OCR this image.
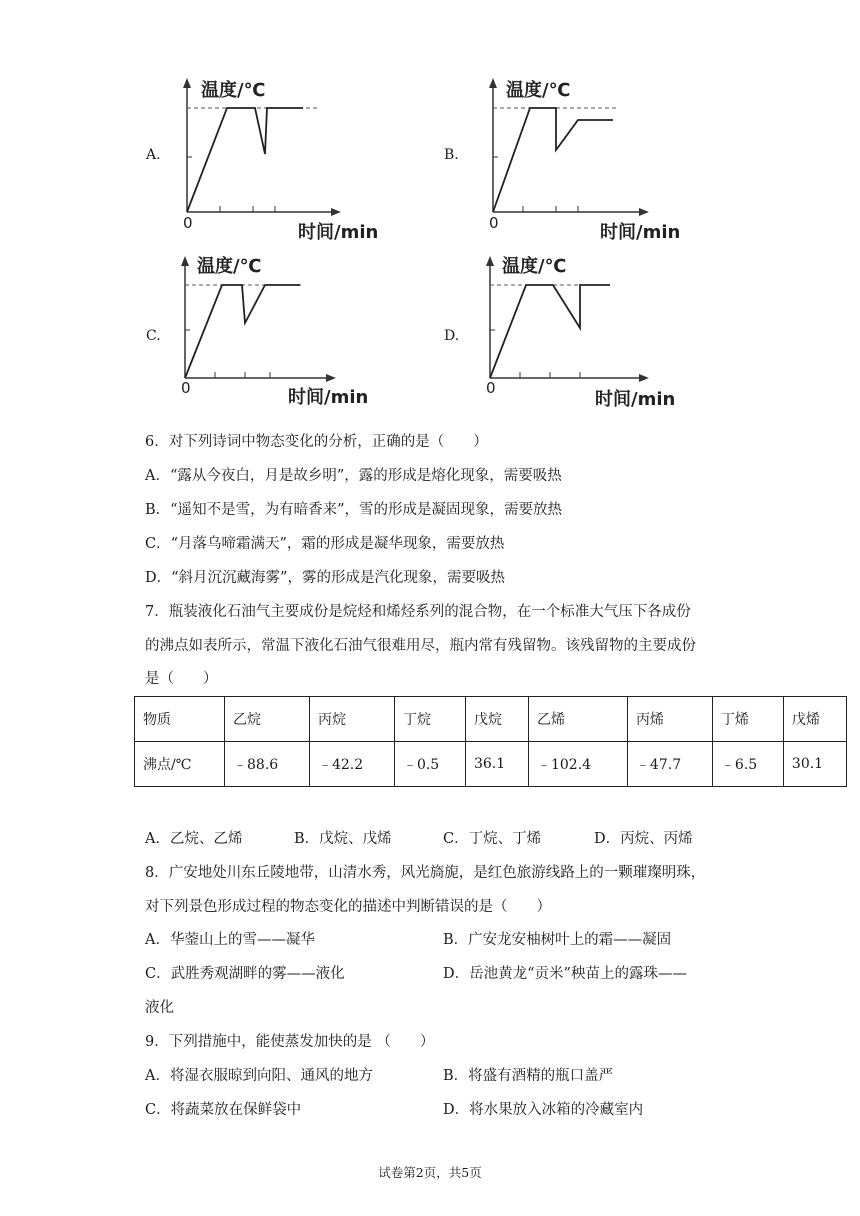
A.	B.
C.	D.
温度/℃
0	时间/min
温度/℃
0	时间/min
温度/℃
0	时间/min
温度/℃
0
时间/min
6．对下列诗词中物态变化的分析，正确的是（　　）
A．“露从今夜白，月是故乡明”，露的形成是熔化现象，需要吸热
B．“遥知不是雪，为有暗香来”，雪的形成是凝固现象，需要放热
C．“月落乌啼霜满天”，霜的形成是凝华现象，需要放热
D．“斜月沉沉藏海雾”，雾的形成是汽化现象，需要吸热
7．瓶装液化石油气主要成份是烷烃和烯烃系列的混合物，在一个标准大气压下各成份
的沸点如表所示，常温下液化石油气很难用尽，瓶内常有残留物。该残留物的主要成份
是（　　）
物质	乙烷	丙烷	丁烷	戊烷	乙烯	丙烯	丁烯	戊烯
沸点/℃	﹣88.6	﹣42.2	﹣0.5	36.1	﹣102.4	﹣47.7	﹣6.5	30.1
A．乙烷、乙烯	B．戊烷、戊烯	C．丁烷、丁烯	D．丙烷、丙烯
8．广安地处川东丘陵地带，山清水秀，风光旖旎，是红色旅游线路上的一颗璀璨明珠，
对下列景色形成过程的物态变化的描述中判断错误的是（　　）
A．华蓥山上的雪——凝华	B．广安龙安柚树叶上的霜——凝固
C．武胜秀观湖畔的雾——液化	D．岳池黄龙“贡米”秧苗上的露珠——
液化
9．下列措施中，能使蒸发加快的是 （　　）
A．将湿衣服晾到向阳、通风的地方	B．将盛有酒精的瓶口盖严
C．将蔬菜放在保鲜袋中	D．将水果放入冰箱的冷藏室内
试卷第2页，共5页
